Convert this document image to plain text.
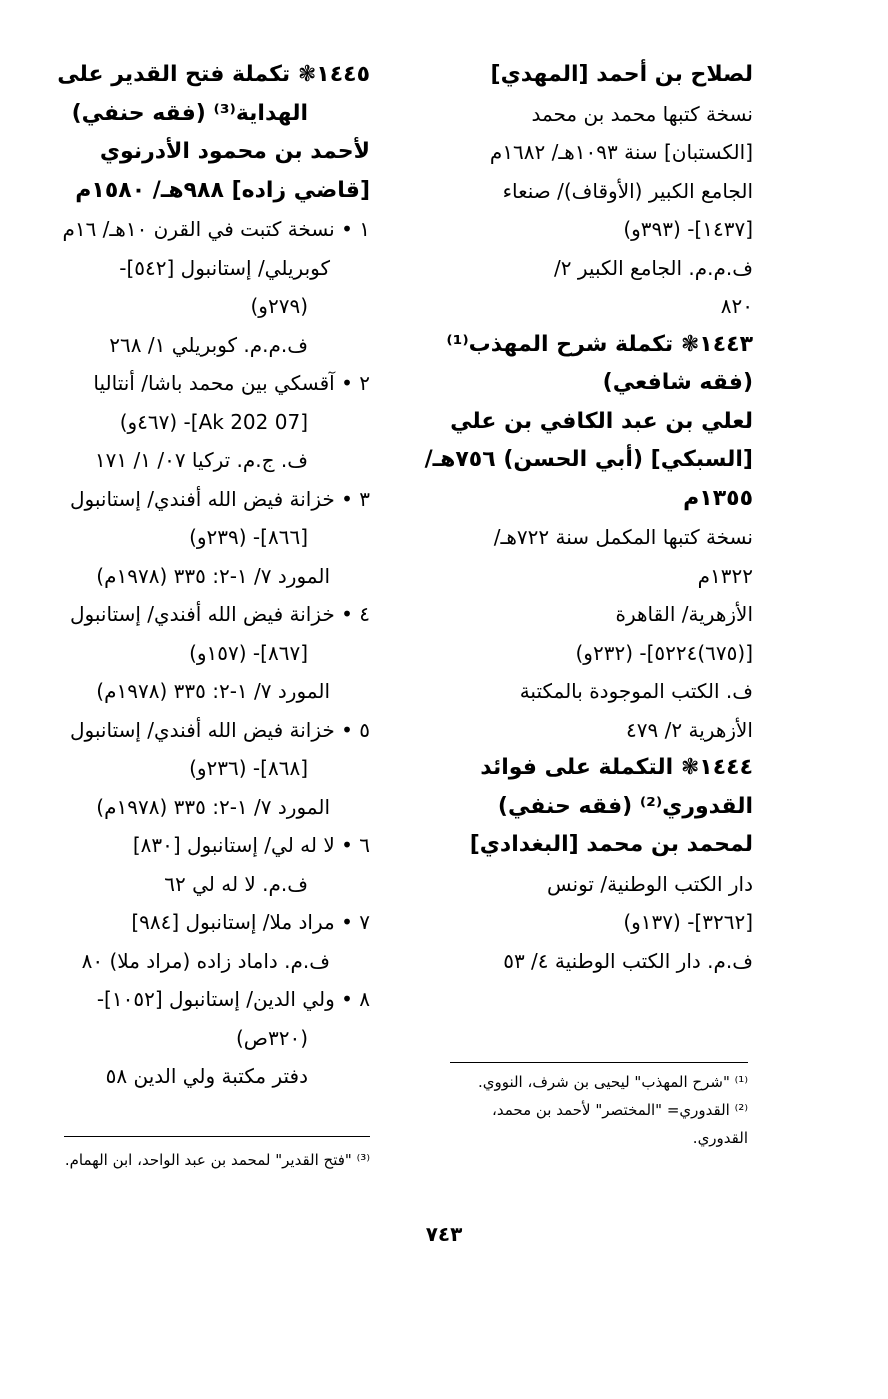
لصلاح بن أحمد [المهدي]
نسخة كتبها محمد بن محمد
[الكستبان] سنة ١٠٩٣هـ/ ١٦٨٢م
الجامع الكبير (الأوقاف)/ صنعاء
[١٤٣٧]- (٣٩٣و)
ف.م.م. الجامع الكبير ٢/
٨٢٠
١٤٤٣❃ تكملة شرح المهذب⁽¹⁾
(فقه شافعي)
لعلي بن عبد الكافي بن علي
[السبكي] (أبي الحسن) ٧٥٦هـ/
١٣٥٥م
نسخة كتبها المكمل سنة ٧٢٢هـ/
١٣٢٢م
الأزهرية/ القاهرة
[(٦٧٥)٥٢٢٤]- (٢٣٢و)
ف. الكتب الموجودة بالمكتبة
الأزهرية ٢/ ٤٧٩
١٤٤٤❃ التكملة على فوائد
القدوري⁽²⁾ (فقه حنفي)
لمحمد بن محمد [البغدادي]
دار الكتب الوطنية/ تونس
[٣٢٦٢]- (١٣٧و)
ف.م. دار الكتب الوطنية ٤/ ٥٣
١٤٤٥❃ تكملة فتح القدير على
الهداية⁽³⁾ (فقه حنفي)
لأحمد بن محمود الأدرنوي
[قاضي زاده] ٩٨٨هـ/ ١٥٨٠م
١ • نسخة كتبت في القرن ١٠هـ/ ١٦م
كوبريلي/ إستانبول [٥٤٢]-
(٢٧٩و)
ف.م.م. كوبريلي ١/ ٢٦٨
٢ • آقسكي بين محمد باشا/ أنتاليا
[07 Ak 202]- (٤٦٧و)
ف. ج.م. تركيا ٠٧/ ١/ ١٧١
٣ • خزانة فيض الله أفندي/ إستانبول
[٨٦٦]- (٢٣٩و)
المورد ٧/ ١-٢: ٣٣٥ (١٩٧٨م)
٤ • خزانة فيض الله أفندي/ إستانبول
[٨٦٧]- (١٥٧و)
المورد ٧/ ١-٢: ٣٣٥ (١٩٧٨م)
٥ • خزانة فيض الله أفندي/ إستانبول
[٨٦٨]- (٢٣٦و)
المورد ٧/ ١-٢: ٣٣٥ (١٩٧٨م)
٦ • لا له لي/ إستانبول [٨٣٠]
ف.م. لا له لي ٦٢
٧ • مراد ملا/ إستانبول [٩٨٤]
ف.م. داماد زاده (مراد ملا) ٨٠
٨ • ولي الدين/ إستانبول [١٠٥٢]-
(٣٢٠ص)
دفتر مكتبة ولي الدين ٥٨	⁽¹⁾ "شرح المهذب" ليحيى بن شرف، النووي.
⁽²⁾ القدوري= "المختصر" لأحمد بن محمد،
القدوري.
⁽³⁾ "فتح القدير" لمحمد بن عبد الواحد، ابن الهمام.
٧٤٣
